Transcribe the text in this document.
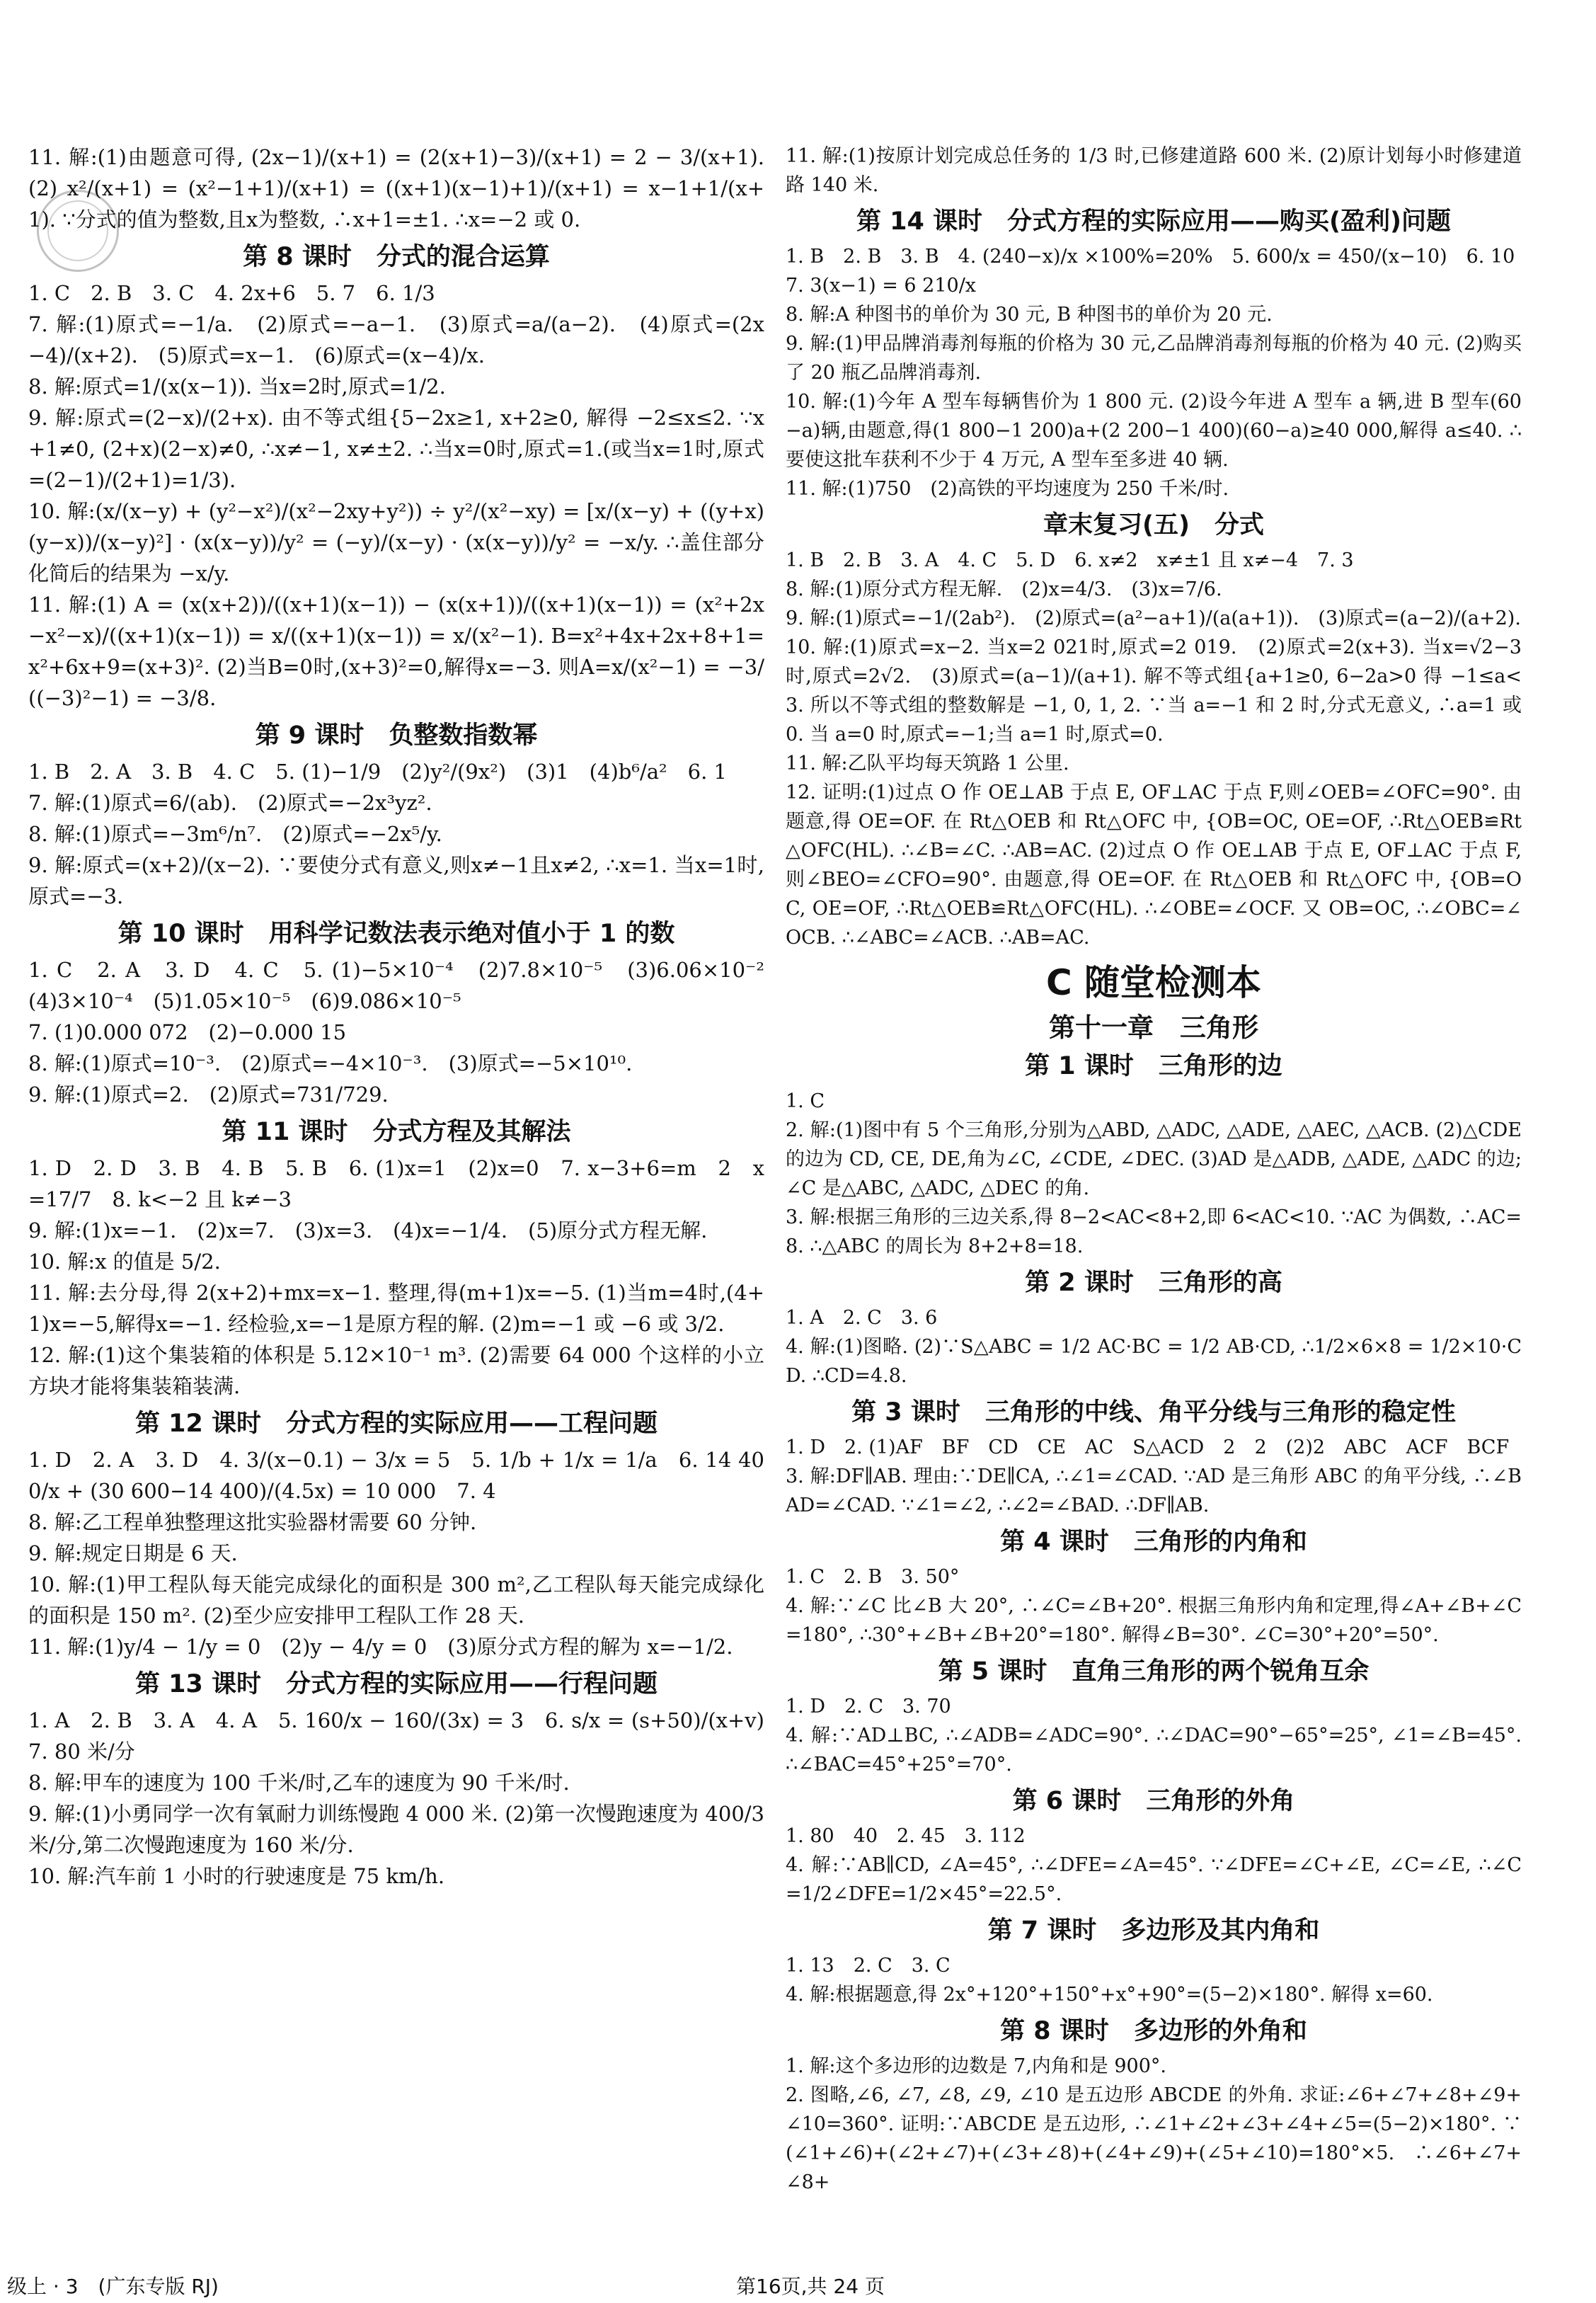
11. 解:(1)由题意可得, (2x−1)/(x+1) = (2(x+1)−3)/(x+1) = 2 − 3/(x+1). (2) x²/(x+1) = (x²−1+1)/(x+1) = ((x+1)(x−1)+1)/(x+1) = x−1+1/(x+1). ∵分式的值为整数,且x为整数, ∴x+1=±1. ∴x=−2 或 0.

第 8 课时　分式的混合运算

1. C　2. B　3. C　4. 2x+6　5. 7　6. 1/3

7. 解:(1)原式=−1/a.　(2)原式=−a−1.　(3)原式=a/(a−2).　(4)原式=(2x−4)/(x+2).　(5)原式=x−1.　(6)原式=(x−4)/x.

8. 解:原式=1/(x(x−1)). 当x=2时,原式=1/2.

9. 解:原式=(2−x)/(2+x). 由不等式组{5−2x≥1, x+2≥0, 解得 −2≤x≤2. ∵x+1≠0, (2+x)(2−x)≠0, ∴x≠−1, x≠±2. ∴当x=0时,原式=1.(或当x=1时,原式=(2−1)/(2+1)=1/3).

10. 解:(x/(x−y) + (y²−x²)/(x²−2xy+y²)) ÷ y²/(x²−xy) = [x/(x−y) + ((y+x)(y−x))/(x−y)²] · (x(x−y))/y² = (−y)/(x−y) · (x(x−y))/y² = −x/y. ∴盖住部分化简后的结果为 −x/y.

11. 解:(1) A = (x(x+2))/((x+1)(x−1)) − (x(x+1))/((x+1)(x−1)) = (x²+2x−x²−x)/((x+1)(x−1)) = x/((x+1)(x−1)) = x/(x²−1). B=x²+4x+2x+8+1=x²+6x+9=(x+3)². (2)当B=0时,(x+3)²=0,解得x=−3. 则A=x/(x²−1) = −3/((−3)²−1) = −3/8.

第 9 课时　负整数指数幂

1. B　2. A　3. B　4. C　5. (1)−1/9　(2)y²/(9x²)　(3)1　(4)b⁶/a²　6. 1

7. 解:(1)原式=6/(ab).　(2)原式=−2x³yz².

8. 解:(1)原式=−3m⁶/n⁷.　(2)原式=−2x⁵/y.

9. 解:原式=(x+2)/(x−2). ∵要使分式有意义,则x≠−1且x≠2, ∴x=1. 当x=1时,原式=−3.

第 10 课时　用科学记数法表示绝对值小于 1 的数

1. C　2. A　3. D　4. C　5. (1)−5×10⁻⁴　(2)7.8×10⁻⁵　(3)6.06×10⁻²　(4)3×10⁻⁴　(5)1.05×10⁻⁵　(6)9.086×10⁻⁵

7. (1)0.000 072　(2)−0.000 15

8. 解:(1)原式=10⁻³.　(2)原式=−4×10⁻³.　(3)原式=−5×10¹⁰.

9. 解:(1)原式=2.　(2)原式=731/729.

第 11 课时　分式方程及其解法

1. D　2. D　3. B　4. B　5. B　6. (1)x=1　(2)x=0　7. x−3+6=m　2　x=17/7　8. k<−2 且 k≠−3

9. 解:(1)x=−1.　(2)x=7.　(3)x=3.　(4)x=−1/4.　(5)原分式方程无解.

10. 解:x 的值是 5/2.

11. 解:去分母,得 2(x+2)+mx=x−1. 整理,得(m+1)x=−5. (1)当m=4时,(4+1)x=−5,解得x=−1. 经检验,x=−1是原方程的解. (2)m=−1 或 −6 或 3/2.

12. 解:(1)这个集装箱的体积是 5.12×10⁻¹ m³. (2)需要 64 000 个这样的小立方块才能将集装箱装满.

第 12 课时　分式方程的实际应用——工程问题

1. D　2. A　3. D　4. 3/(x−0.1) − 3/x = 5　5. 1/b + 1/x = 1/a　6. 14 400/x + (30 600−14 400)/(4.5x) = 10 000　7. 4

8. 解:乙工程单独整理这批实验器材需要 60 分钟.

9. 解:规定日期是 6 天.

10. 解:(1)甲工程队每天能完成绿化的面积是 300 m²,乙工程队每天能完成绿化的面积是 150 m². (2)至少应安排甲工程队工作 28 天.

11. 解:(1)y/4 − 1/y = 0　(2)y − 4/y = 0　(3)原分式方程的解为 x=−1/2.

第 13 课时　分式方程的实际应用——行程问题

1. A　2. B　3. A　4. A　5. 160/x − 160/(3x) = 3　6. s/x = (s+50)/(x+v)　7. 80 米/分

8. 解:甲车的速度为 100 千米/时,乙车的速度为 90 千米/时.

9. 解:(1)小勇同学一次有氧耐力训练慢跑 4 000 米. (2)第一次慢跑速度为 400/3 米/分,第二次慢跑速度为 160 米/分.

10. 解:汽车前 1 小时的行驶速度是 75 km/h.

11. 解:(1)按原计划完成总任务的 1/3 时,已修建道路 600 米. (2)原计划每小时修建道路 140 米.

第 14 课时　分式方程的实际应用——购买(盈利)问题

1. B　2. B　3. B　4. (240−x)/x ×100%=20%　5. 600/x = 450/(x−10)　6. 10

7. 3(x−1) = 6 210/x

8. 解:A 种图书的单价为 30 元, B 种图书的单价为 20 元.

9. 解:(1)甲品牌消毒剂每瓶的价格为 30 元,乙品牌消毒剂每瓶的价格为 40 元. (2)购买了 20 瓶乙品牌消毒剂.

10. 解:(1)今年 A 型车每辆售价为 1 800 元. (2)设今年进 A 型车 a 辆,进 B 型车(60−a)辆,由题意,得(1 800−1 200)a+(2 200−1 400)(60−a)≥40 000,解得 a≤40. ∴要使这批车获利不少于 4 万元, A 型车至多进 40 辆.

11. 解:(1)750　(2)高铁的平均速度为 250 千米/时.

章末复习(五)　分式

1. B　2. B　3. A　4. C　5. D　6. x≠2　x≠±1 且 x≠−4　7. 3

8. 解:(1)原分式方程无解.　(2)x=4/3.　(3)x=7/6.

9. 解:(1)原式=−1/(2ab²).　(2)原式=(a²−a+1)/(a(a+1)).　(3)原式=(a−2)/(a+2).

10. 解:(1)原式=x−2. 当x=2 021时,原式=2 019.　(2)原式=2(x+3). 当x=√2−3时,原式=2√2.　(3)原式=(a−1)/(a+1). 解不等式组{a+1≥0, 6−2a>0 得 −1≤a<3. 所以不等式组的整数解是 −1, 0, 1, 2. ∵当 a=−1 和 2 时,分式无意义, ∴a=1 或 0. 当 a=0 时,原式=−1;当 a=1 时,原式=0.

11. 解:乙队平均每天筑路 1 公里.

12. 证明:(1)过点 O 作 OE⊥AB 于点 E, OF⊥AC 于点 F,则∠OEB=∠OFC=90°. 由题意,得 OE=OF. 在 Rt△OEB 和 Rt△OFC 中, {OB=OC, OE=OF, ∴Rt△OEB≌Rt△OFC(HL). ∴∠B=∠C. ∴AB=AC. (2)过点 O 作 OE⊥AB 于点 E, OF⊥AC 于点 F,则∠BEO=∠CFO=90°. 由题意,得 OE=OF. 在 Rt△OEB 和 Rt△OFC 中, {OB=OC, OE=OF, ∴Rt△OEB≌Rt△OFC(HL). ∴∠OBE=∠OCF. 又 OB=OC, ∴∠OBC=∠OCB. ∴∠ABC=∠ACB. ∴AB=AC.

C 随堂检测本
第十一章　三角形
第 1 课时　三角形的边

1. C

2. 解:(1)图中有 5 个三角形,分别为△ABD, △ADC, △ADE, △AEC, △ACB. (2)△CDE 的边为 CD, CE, DE,角为∠C, ∠CDE, ∠DEC. (3)AD 是△ADB, △ADE, △ADC 的边; ∠C 是△ABC, △ADC, △DEC 的角.

3. 解:根据三角形的三边关系,得 8−2<AC<8+2,即 6<AC<10. ∵AC 为偶数, ∴AC=8. ∴△ABC 的周长为 8+2+8=18.

第 2 课时　三角形的高

1. A　2. C　3. 6

4. 解:(1)图略. (2)∵S△ABC = 1/2 AC·BC = 1/2 AB·CD, ∴1/2×6×8 = 1/2×10·CD. ∴CD=4.8.

第 3 课时　三角形的中线、角平分线与三角形的稳定性

1. D　2. (1)AF　BF　CD　CE　AC　S△ACD　2　2　(2)2　ABC　ACF　BCF

3. 解:DF∥AB. 理由:∵DE∥CA, ∴∠1=∠CAD. ∵AD 是三角形 ABC 的角平分线, ∴∠BAD=∠CAD. ∵∠1=∠2, ∴∠2=∠BAD. ∴DF∥AB.

第 4 课时　三角形的内角和

1. C　2. B　3. 50°

4. 解:∵∠C 比∠B 大 20°, ∴∠C=∠B+20°. 根据三角形内角和定理,得∠A+∠B+∠C=180°, ∴30°+∠B+∠B+20°=180°. 解得∠B=30°. ∠C=30°+20°=50°.

第 5 课时　直角三角形的两个锐角互余

1. D　2. C　3. 70

4. 解:∵AD⊥BC, ∴∠ADB=∠ADC=90°. ∴∠DAC=90°−65°=25°, ∠1=∠B=45°. ∴∠BAC=45°+25°=70°.

第 6 课时　三角形的外角

1. 80　40　2. 45　3. 112

4. 解:∵AB∥CD, ∠A=45°, ∴∠DFE=∠A=45°. ∵∠DFE=∠C+∠E, ∠C=∠E, ∴∠C=1/2∠DFE=1/2×45°=22.5°.

第 7 课时　多边形及其内角和

1. 13　2. C　3. C

4. 解:根据题意,得 2x°+120°+150°+x°+90°=(5−2)×180°. 解得 x=60.

第 8 课时　多边形的外角和

1. 解:这个多边形的边数是 7,内角和是 900°.

2. 图略,∠6, ∠7, ∠8, ∠9, ∠10 是五边形 ABCDE 的外角. 求证:∠6+∠7+∠8+∠9+∠10=360°. 证明:∵ABCDE 是五边形, ∴∠1+∠2+∠3+∠4+∠5=(5−2)×180°. ∵(∠1+∠6)+(∠2+∠7)+(∠3+∠8)+(∠4+∠9)+(∠5+∠10)=180°×5. ∴∠6+∠7+∠8+

级上 · 3　(广东专版 RJ)	第16页,共 24 页
